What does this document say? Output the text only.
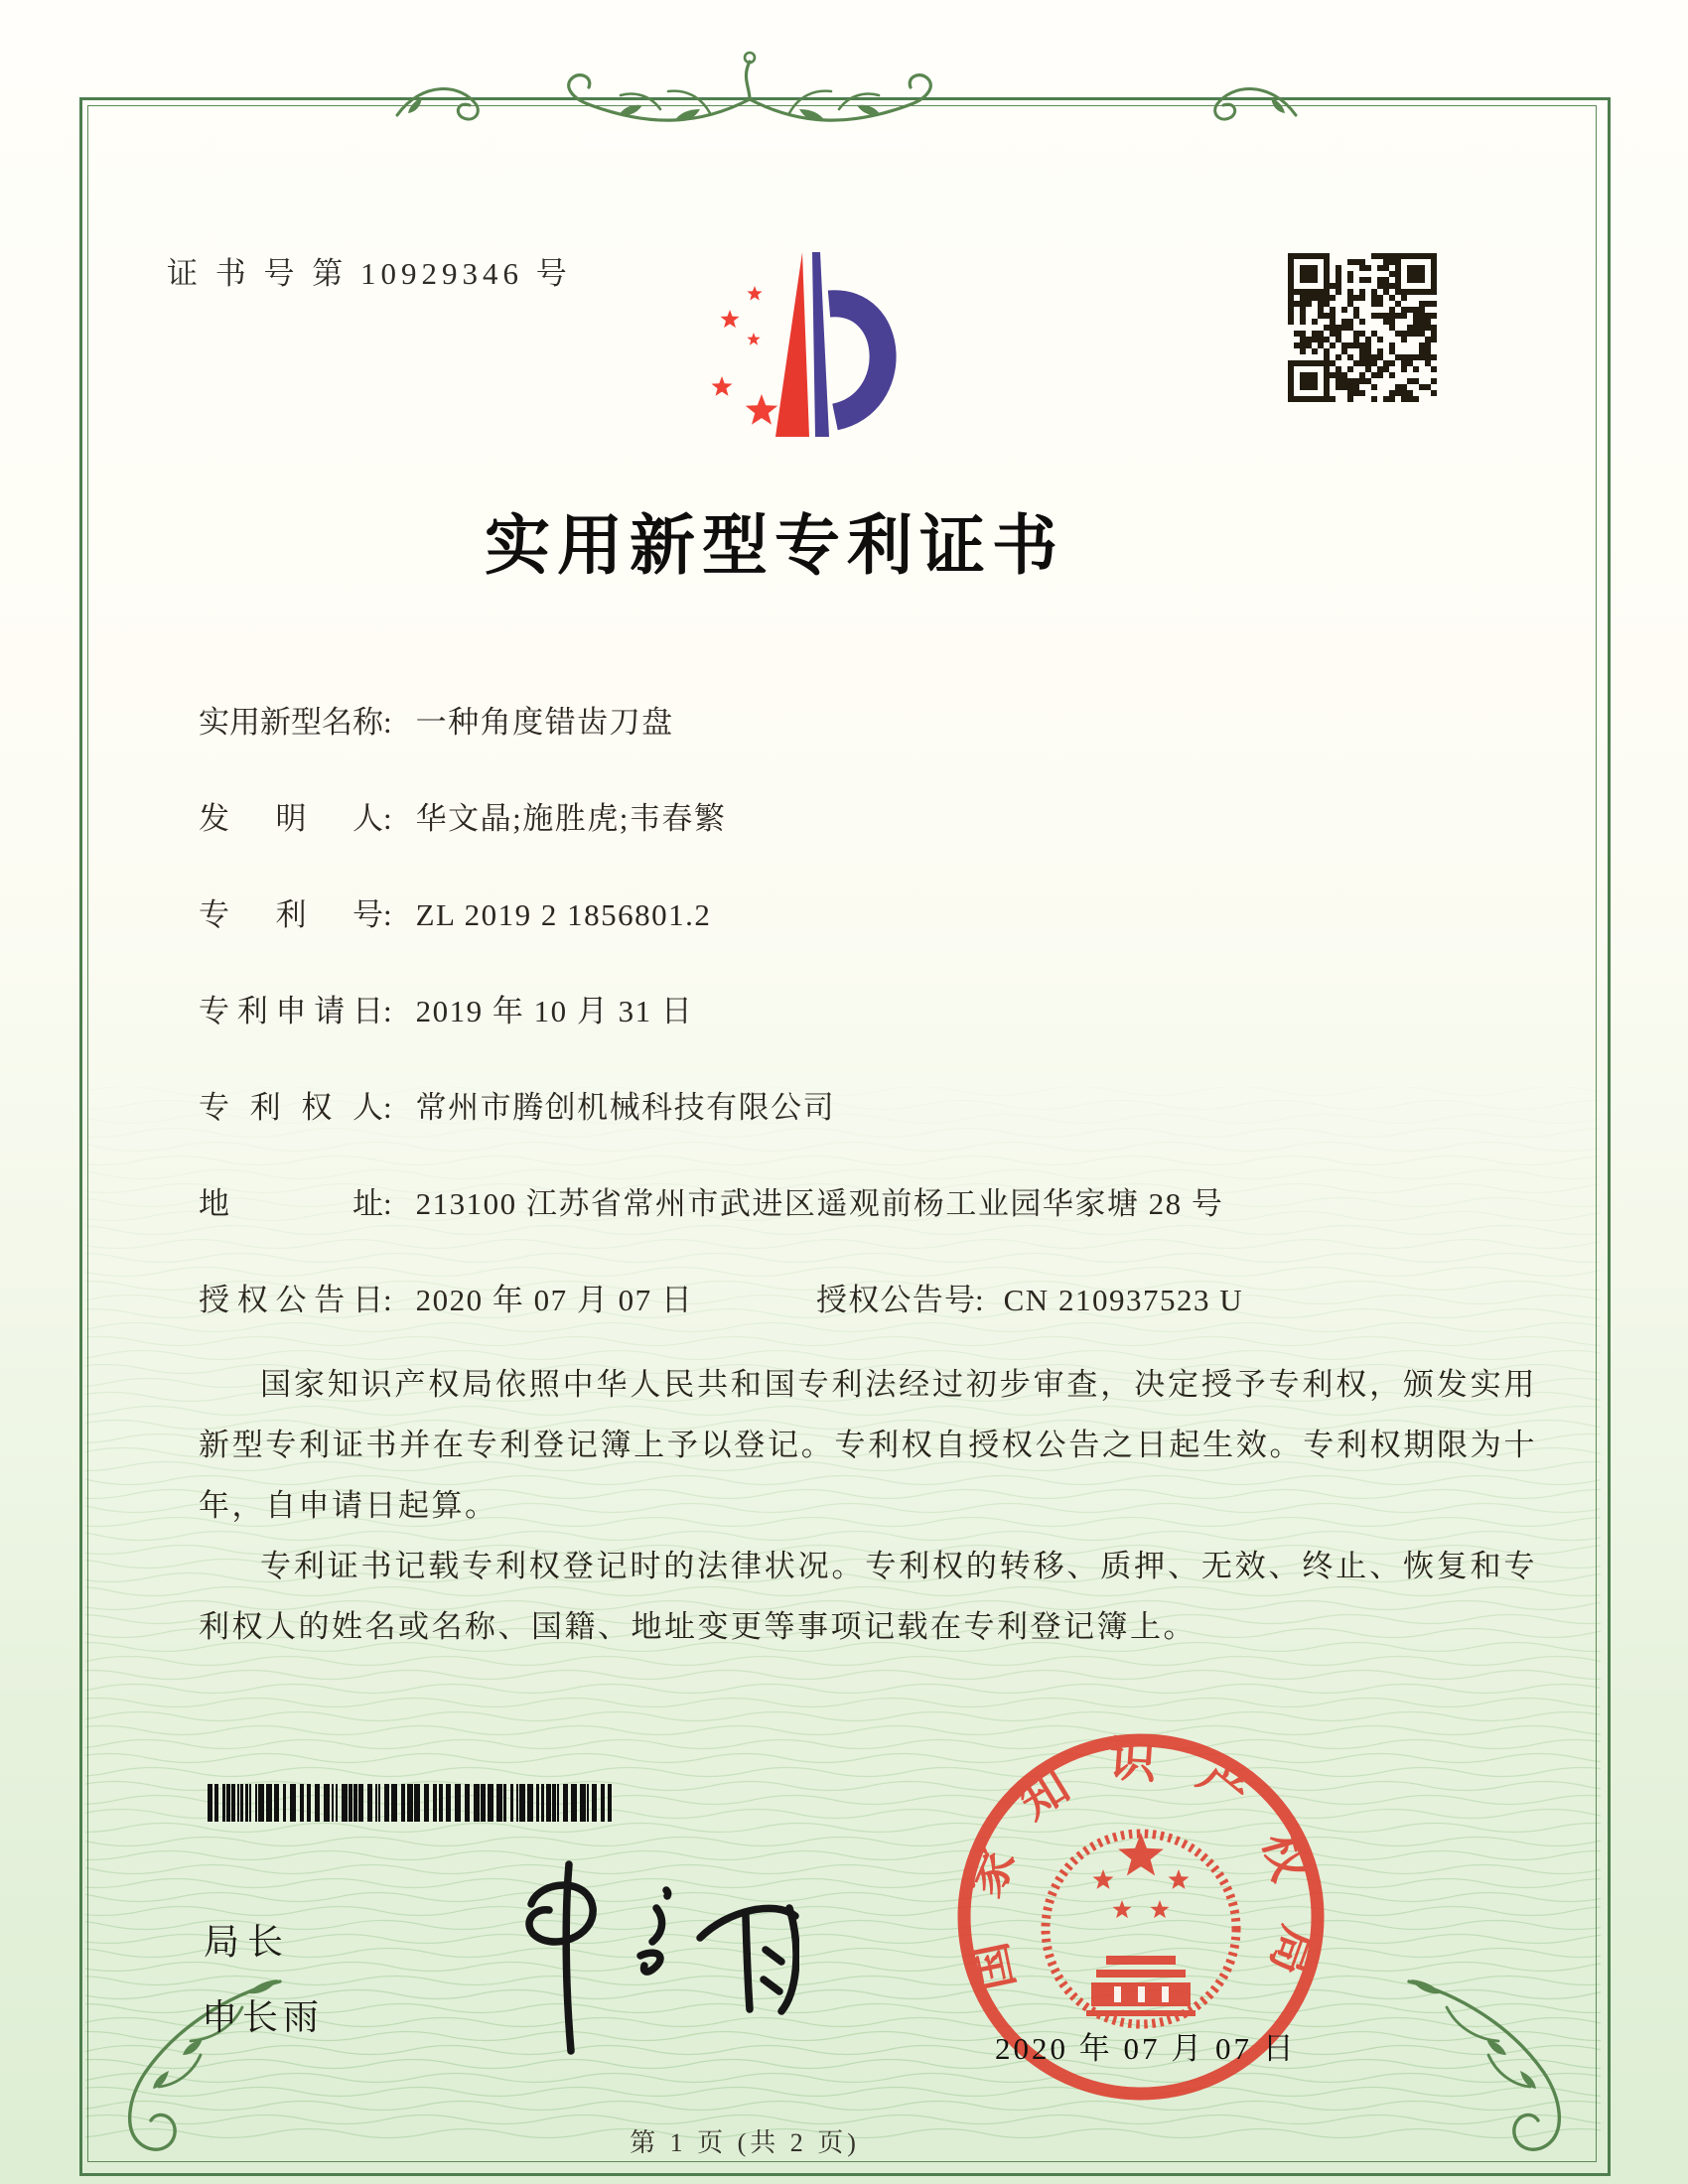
证 书 号 第 10929346 号
实用新型专利证书
实用新型名称: 一种角度错齿刀盘
发明人: 华文晶;施胜虎;韦春繁
专利号: ZL 2019 2 1856801.2
专利申请日: 2019 年 10 月 31 日
专利权人: 常州市腾创机械科技有限公司
地址: 213100 江苏省常州市武进区遥观前杨工业园华家塘 28 号
授权公告日: 2020 年 07 月 07 日	授权公告号: CN 210937523 U

国家知识产权局依照中华人民共和国专利法经过初步审查，决定授予专利权，颁发实用新型专利证书并在专利登记簿上予以登记。专利权自授权公告之日起生效。专利权期限为十年，自申请日起算。

专利证书记载专利权登记时的法律状况。专利权的转移、质押、无效、终止、恢复和专利权人的姓名或名称、国籍、地址变更等事项记载在专利登记簿上。

局长
申长雨
国家知识产权局
2020 年 07 月 07 日
第 1 页 (共 2 页)
